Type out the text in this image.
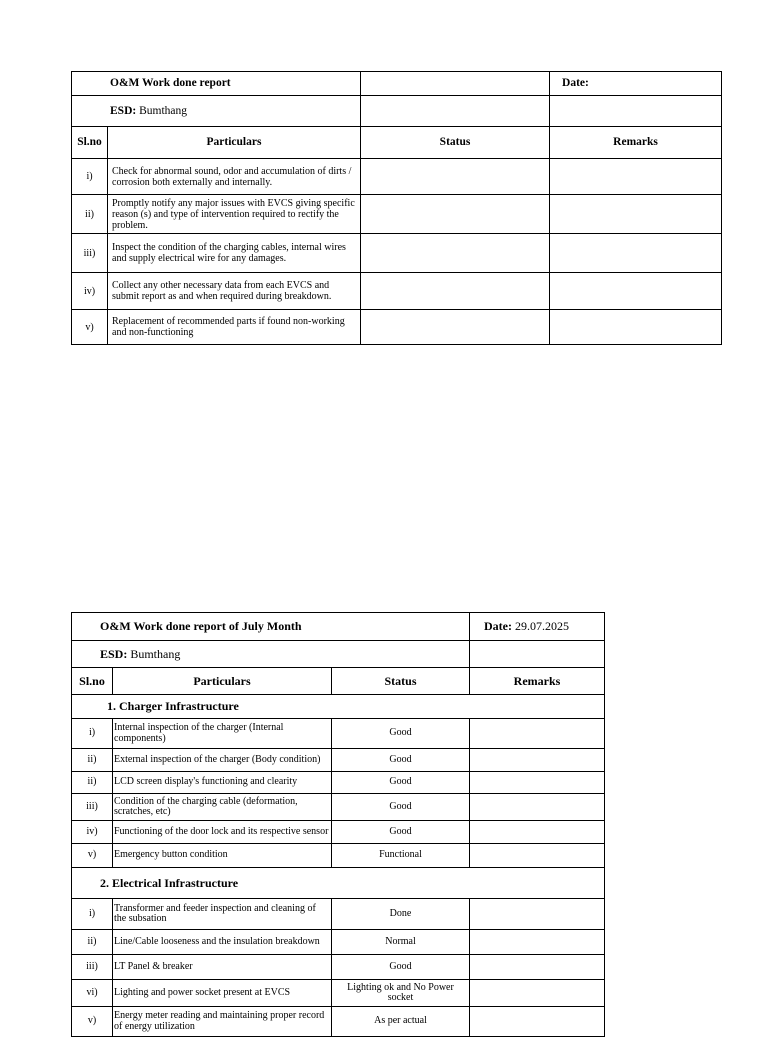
O&M Work done report			Date:
ESD: Bumthang			
Sl.no	Particulars	Status	Remarks
i)	Check for abnormal sound, odor and accumulation of dirts / corrosion both externally and internally.		
ii)	Promptly notify any major issues with EVCS giving specific reason (s) and type of intervention required to rectify the problem.		
iii)	Inspect the condition of the charging cables, internal wires and supply electrical wire for any damages.		
iv)	Collect any other necessary data from each EVCS and submit report as and when required during breakdown.		
v)	Replacement of recommended parts if found non-working and non-functioning		
O&M Work done report of July Month			Date: 29.07.2025
ESD: Bumthang			
Sl.no	Particulars	Status	Remarks
1. Charger Infrastructure			
i)	Internal inspection of the charger (Internal components)	Good	
ii)	External inspection of the charger (Body condition)	Good	
ii)	LCD screen display's functioning and clearity	Good	
iii)	Condition of the charging cable (deformation, scratches, etc)	Good	
iv)	Functioning of the door lock and its respective sensor	Good	
v)	Emergency button condition	Functional	
2. Electrical Infrastructure			
i)	Transformer and feeder inspection and cleaning of the subsation	Done	
ii)	Line/Cable looseness and the insulation breakdown	Normal	
iii)	LT Panel & breaker	Good	
vi)	Lighting and power socket present at EVCS	Lighting ok and No Power socket	
v)	Energy meter reading and maintaining proper record of energy utilization	As per actual	
